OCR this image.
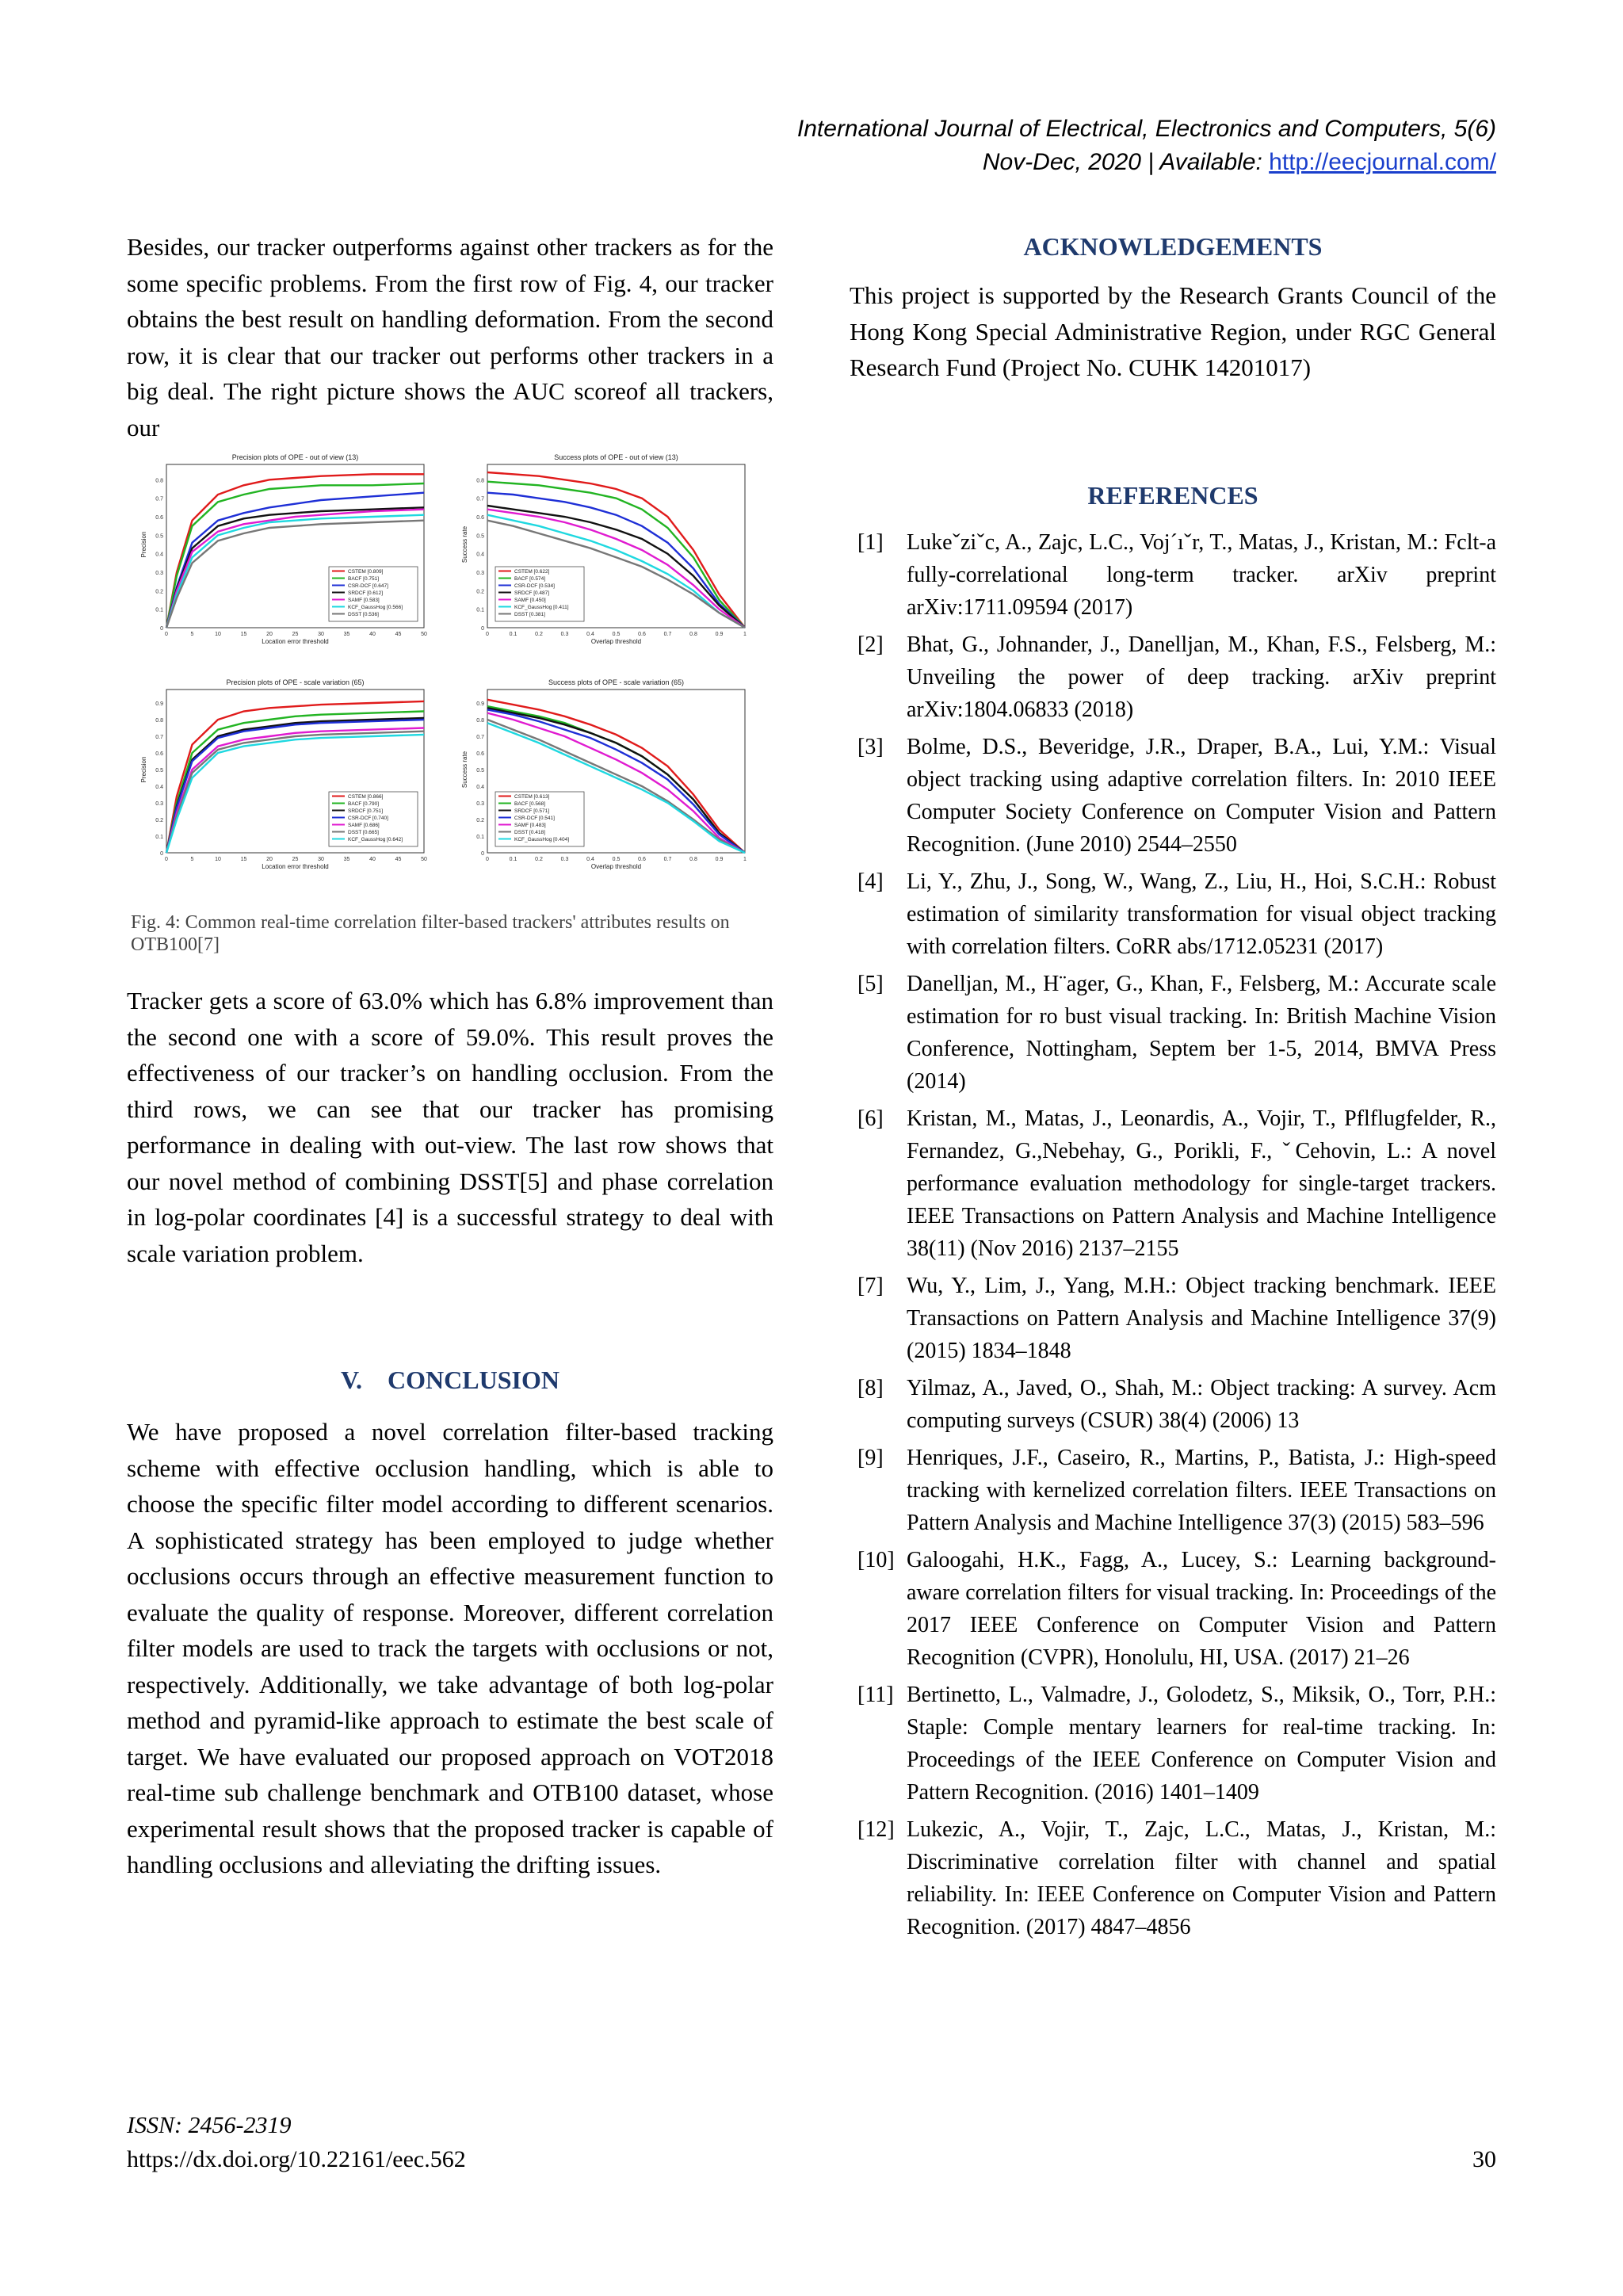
International Journal of Electrical, Electronics and Computers, 5(6)
Nov-Dec, 2020 | Available: http://eecjournal.com/
Besides, our tracker outperforms against other trackers as for the some specific problems. From the first row of Fig. 4, our tracker obtains the best result on handling deformation. From the second row, it is clear that our tracker out performs other trackers in a big deal. The right picture shows the AUC scoreof all trackers, our
Precision plots of OPE - out of view (13)
0
0.1
0.2
0.3
0.4
0.5
0.6
0.7
0.8
0	5	10	15	20	25	30	35	40	45	50
Location error threshold
Precision
CSTEM [0.809]
BACF [0.751]
CSR-DCF [0.647]
SRDCF [0.612]
SAMF [0.583]
KCF_GaussHog [0.566]
DSST [0.536]
Success plots of OPE - out of view (13)
0
0.1
0.2
0.3
0.4
0.5
0.6
0.7
0.8
0	0.1	0.2	0.3	0.4	0.5	0.6	0.7	0.8	0.9	1
Overlap threshold
Success rate
CSTEM [0.622]
BACF [0.574]
CSR-DCF [0.534]
SRDCF [0.487]
SAMF [0.450]
KCF_GaussHog [0.411]
DSST [0.381]
Precision plots of OPE - scale variation (65)
0
0.1
0.2
0.3
0.4
0.5
0.6
0.7
0.8
0.9
0	5	10	15	20	25	30	35	40	45	50
Location error threshold
Precision
CSTEM [0.866]
BACF [0.790]
SRDCF [0.751]
CSR-DCF [0.740]
SAMF [0.686]
DSST [0.665]
KCF_GaussHog [0.642]
Success plots of OPE - scale variation (65)
0
0.1
0.2
0.3
0.4
0.5
0.6
0.7
0.8
0.9
0	0.1	0.2	0.3	0.4	0.5	0.6	0.7	0.8	0.9	1
Overlap threshold
Success rate
CSTEM [0.613]
BACF [0.568]
SRDCF [0.571]
CSR-DCF [0.541]
SAMF [0.483]
DSST [0.418]
KCF_GaussHog [0.404]
Fig. 4: Common real-time correlation filter-based trackers' attributes results on OTB100[7]
Tracker gets a score of 63.0% which has 6.8% improvement than the second one with a score of 59.0%. This result proves the effectiveness of our tracker’s on handling occlusion. From the third rows, we can see that our tracker has promising performance in dealing with out-view. The last row shows that our novel method of combining DSST[5] and phase correlation in log-polar coordinates [4] is a successful strategy to deal with scale variation problem.
V.    CONCLUSION
We have proposed a novel correlation filter-based tracking scheme with effective occlusion handling, which is able to choose the specific filter model according to different scenarios. A sophisticated strategy has been employed to judge whether occlusions occurs through an effective measurement function to evaluate the quality of response. Moreover, different correlation filter models are used to track the targets with occlusions or not, respectively. Additionally, we take advantage of both log-polar method and pyramid-like approach to estimate the best scale of target. We have evaluated our proposed approach on VOT2018 real-time sub challenge benchmark and OTB100 dataset, whose experimental result shows that the proposed tracker is capable of handling occlusions and alleviating the drifting issues.
ACKNOWLEDGEMENTS
This project is supported by the Research Grants Council of the Hong Kong Special Administrative Region, under RGC General Research Fund (Project No. CUHK 14201017)
REFERENCES
[1]	Lukeˇziˇc, A., Zajc, L.C., Voj´ıˇr, T., Matas, J., Kristan, M.: Fclt-a fully-correlational long-term tracker. arXiv preprint arXiv:1711.09594 (2017)
[2]	Bhat, G., Johnander, J., Danelljan, M., Khan, F.S., Felsberg, M.: Unveiling the power of deep tracking. arXiv preprint arXiv:1804.06833 (2018)
[3]	Bolme, D.S., Beveridge, J.R., Draper, B.A., Lui, Y.M.: Visual object tracking using adaptive correlation filters. In: 2010 IEEE Computer Society Conference on Computer Vision and Pattern Recognition. (June 2010) 2544–2550
[4]	Li, Y., Zhu, J., Song, W., Wang, Z., Liu, H., Hoi, S.C.H.: Robust estimation of similarity transformation for visual object tracking with correlation filters. CoRR abs/1712.05231 (2017)
[5]	Danelljan, M., H¨ager, G., Khan, F., Felsberg, M.: Accurate scale estimation for ro bust visual tracking. In: British Machine Vision Conference, Nottingham, Septem ber 1-5, 2014, BMVA Press (2014)
[6]	Kristan, M., Matas, J., Leonardis, A., Vojir, T., Pflflugfelder, R., Fernandez, G.,Nebehay, G., Porikli, F., ˇCehovin, L.: A novel performance evaluation methodology for single-target trackers. IEEE Transactions on Pattern Analysis and Machine Intelligence 38(11) (Nov 2016) 2137–2155
[7]	Wu, Y., Lim, J., Yang, M.H.: Object tracking benchmark. IEEE Transactions on Pattern Analysis and Machine Intelligence 37(9) (2015) 1834–1848
[8]	Yilmaz, A., Javed, O., Shah, M.: Object tracking: A survey. Acm computing surveys (CSUR) 38(4) (2006) 13
[9]	Henriques, J.F., Caseiro, R., Martins, P., Batista, J.: High-speed tracking with kernelized correlation filters. IEEE Transactions on Pattern Analysis and Machine Intelligence 37(3) (2015) 583–596
[10] Galoogahi, H.K., Fagg, A., Lucey, S.: Learning background-aware correlation filters for visual tracking. In: Proceedings of the 2017 IEEE Conference on Computer Vision and Pattern Recognition (CVPR), Honolulu, HI, USA. (2017) 21–26
[11] Bertinetto, L., Valmadre, J., Golodetz, S., Miksik, O., Torr, P.H.: Staple: Comple mentary learners for real-time tracking. In: Proceedings of the IEEE Conference on Computer Vision and Pattern Recognition. (2016) 1401–1409
[12] Lukezic, A., Vojir, T., Zajc, L.C., Matas, J., Kristan, M.: Discriminative correlation filter with channel and spatial reliability. In: IEEE Conference on Computer Vision and Pattern Recognition. (2017) 4847–4856
ISSN: 2456-2319
https://dx.doi.org/10.22161/eec.562	30
